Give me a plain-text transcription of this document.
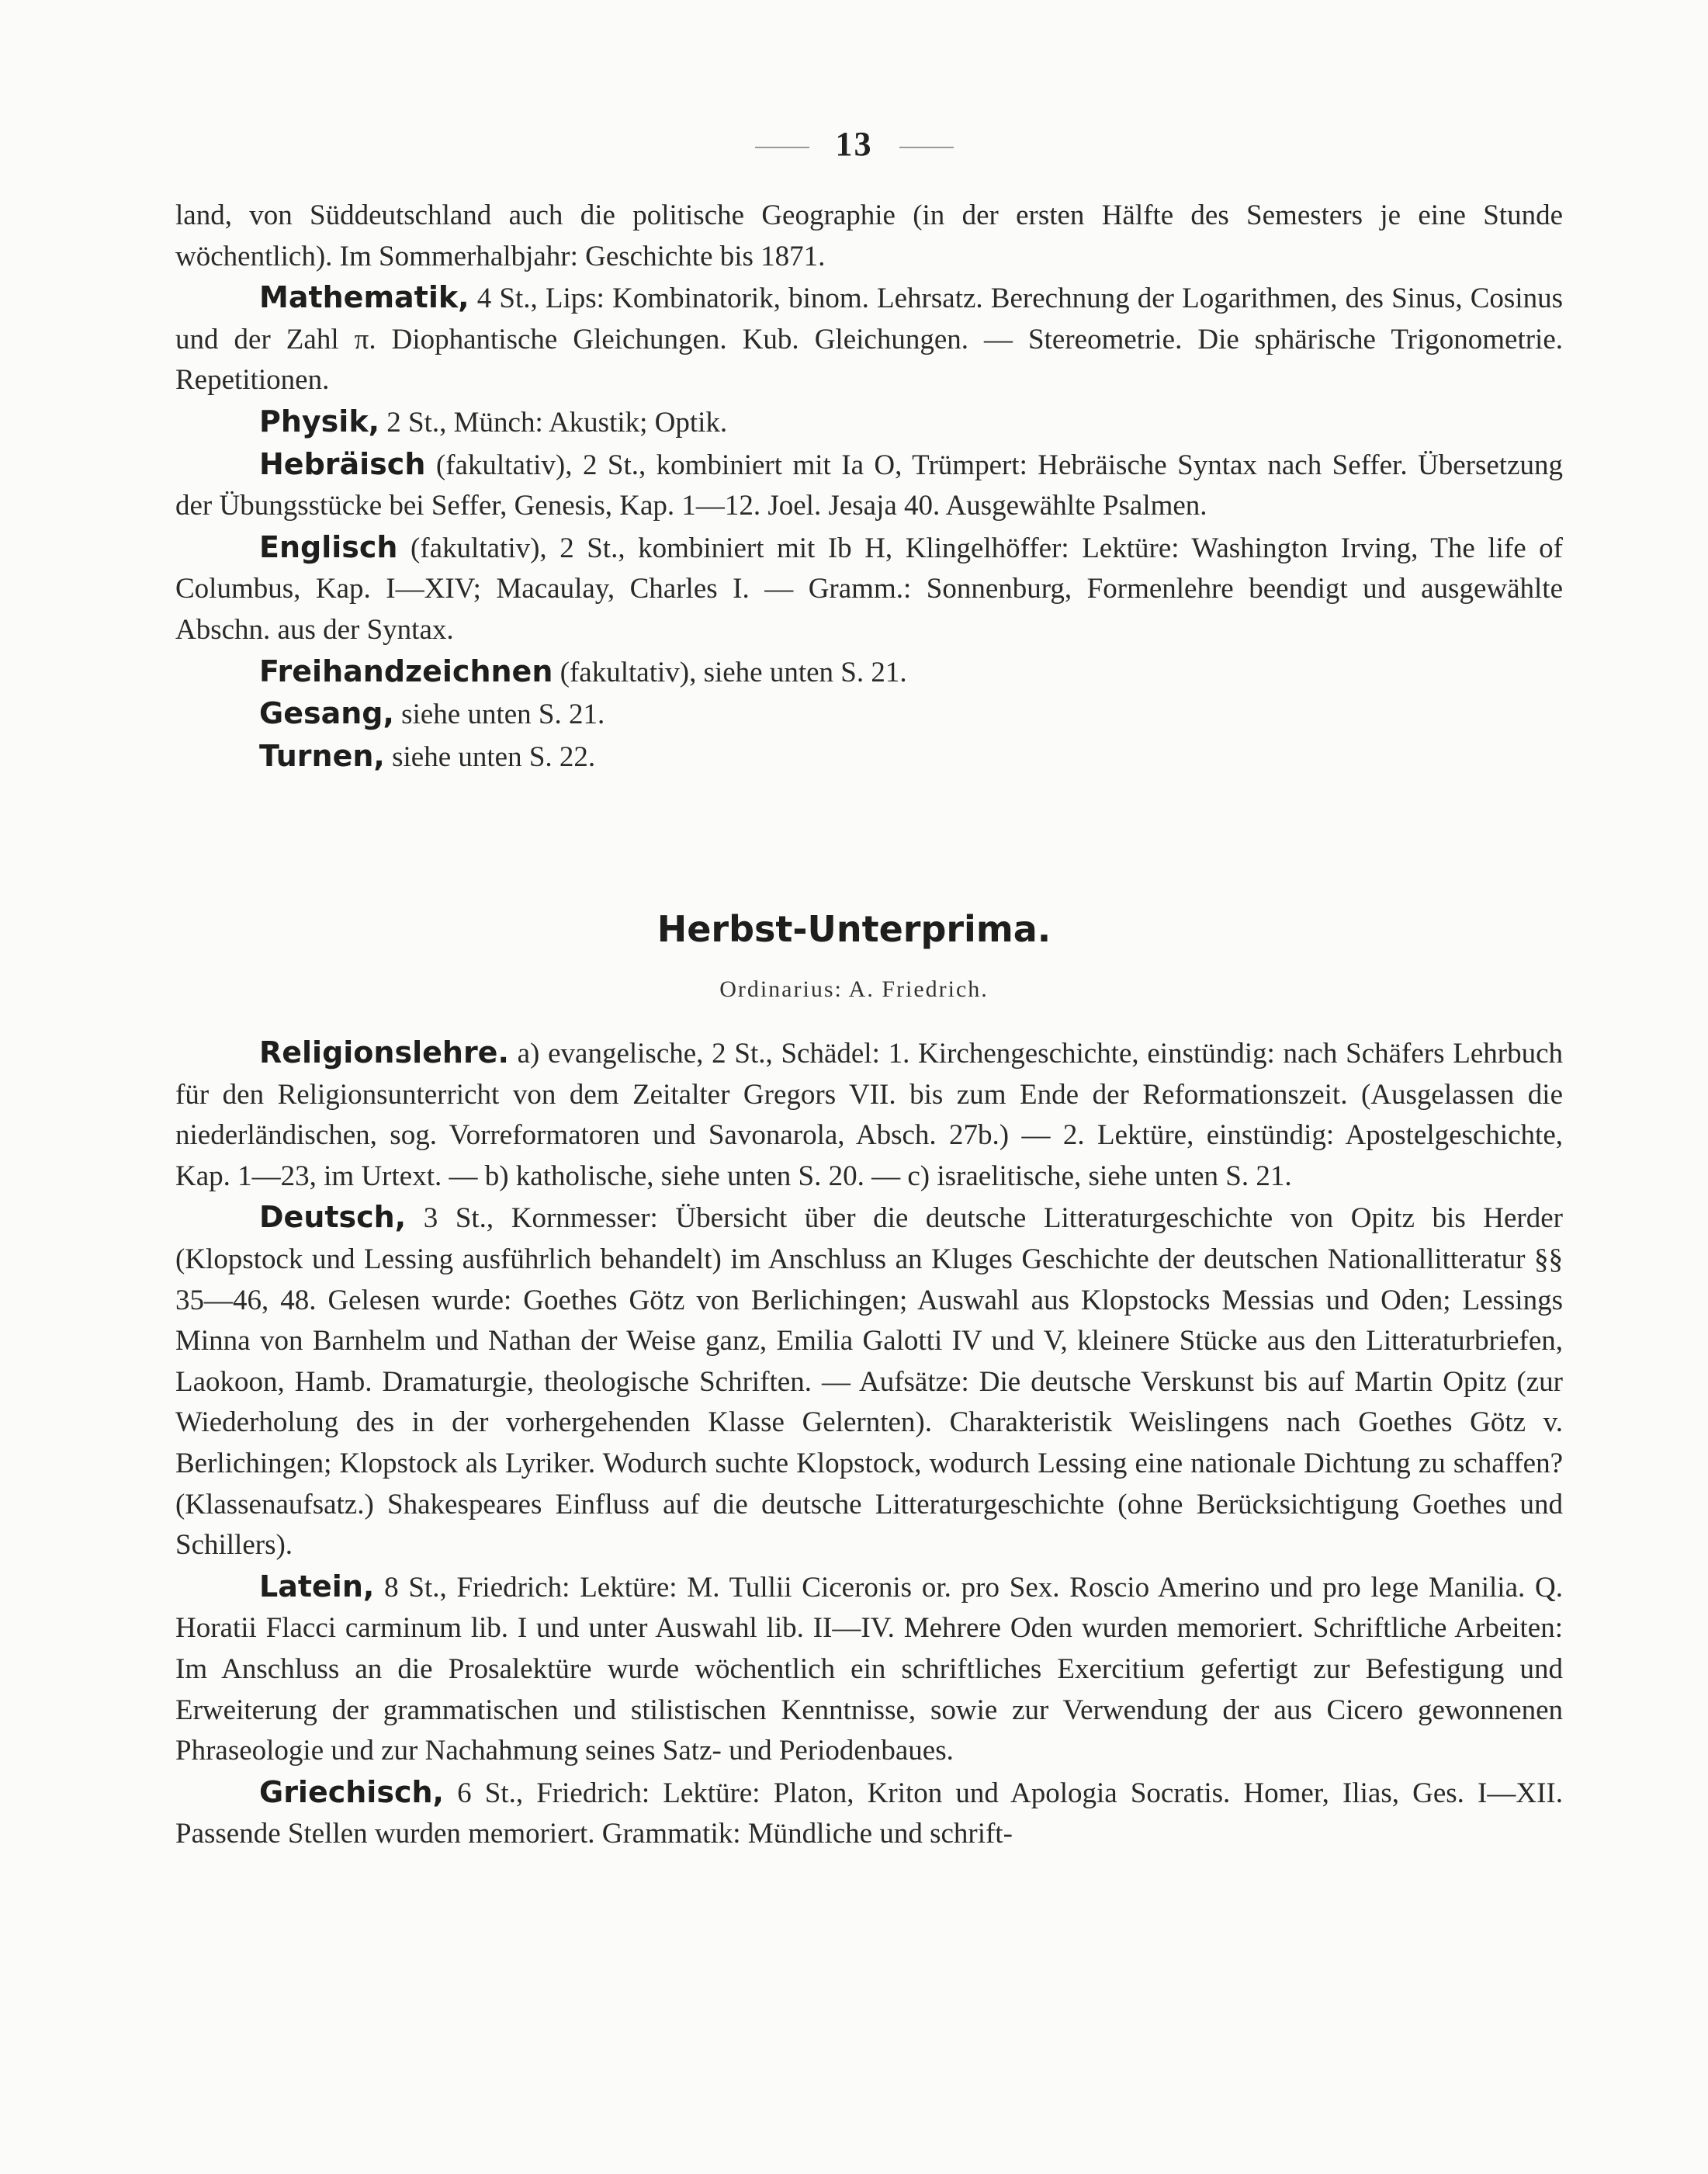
13

land, von Süddeutschland auch die politische Geographie (in der ersten Hälfte des Semesters je eine Stunde wöchentlich). Im Sommerhalbjahr: Geschichte bis 1871.

Mathematik, 4 St., Lips: Kombinatorik, binom. Lehrsatz. Berechnung der Logarithmen, des Sinus, Cosinus und der Zahl π. Diophantische Gleichungen. Kub. Gleichungen. — Stereometrie. Die sphärische Trigonometrie. Repetitionen.

Physik, 2 St., Münch: Akustik; Optik.

Hebräisch (fakultativ), 2 St., kombiniert mit Ia O, Trümpert: Hebräische Syntax nach Seffer. Übersetzung der Übungsstücke bei Seffer, Genesis, Kap. 1—12. Joel. Jesaja 40. Ausgewählte Psalmen.

Englisch (fakultativ), 2 St., kombiniert mit Ib H, Klingelhöffer: Lektüre: Washington Irving, The life of Columbus, Kap. I—XIV; Macaulay, Charles I. — Gramm.: Sonnenburg, Formenlehre beendigt und ausgewählte Abschn. aus der Syntax.

Freihandzeichnen (fakultativ), siehe unten S. 21.

Gesang, siehe unten S. 21.

Turnen, siehe unten S. 22.

Herbst-Unterprima.
Ordinarius: A. Friedrich.

Religionslehre. a) evangelische, 2 St., Schädel: 1. Kirchengeschichte, einstündig: nach Schäfers Lehrbuch für den Religionsunterricht von dem Zeitalter Gregors VII. bis zum Ende der Reformationszeit. (Ausgelassen die niederländischen, sog. Vorreformatoren und Savonarola, Absch. 27b.) — 2. Lektüre, einstündig: Apostelgeschichte, Kap. 1—23, im Urtext. — b) katholische, siehe unten S. 20. — c) israelitische, siehe unten S. 21.

Deutsch, 3 St., Kornmesser: Übersicht über die deutsche Litteraturgeschichte von Opitz bis Herder (Klopstock und Lessing ausführlich behandelt) im Anschluss an Kluges Geschichte der deutschen Nationallitteratur §§ 35—46, 48. Gelesen wurde: Goethes Götz von Berlichingen; Auswahl aus Klopstocks Messias und Oden; Lessings Minna von Barnhelm und Nathan der Weise ganz, Emilia Galotti IV und V, kleinere Stücke aus den Litteraturbriefen, Laokoon, Hamb. Dramaturgie, theologische Schriften. — Aufsätze: Die deutsche Verskunst bis auf Martin Opitz (zur Wiederholung des in der vorhergehenden Klasse Gelernten). Charakteristik Weislingens nach Goethes Götz v. Berlichingen; Klopstock als Lyriker. Wodurch suchte Klopstock, wodurch Lessing eine nationale Dichtung zu schaffen? (Klassenaufsatz.) Shakespeares Einfluss auf die deutsche Litteraturgeschichte (ohne Berücksichtigung Goethes und Schillers).

Latein, 8 St., Friedrich: Lektüre: M. Tullii Ciceronis or. pro Sex. Roscio Amerino und pro lege Manilia. Q. Horatii Flacci carminum lib. I und unter Auswahl lib. II—IV. Mehrere Oden wurden memoriert. Schriftliche Arbeiten: Im Anschluss an die Prosalektüre wurde wöchentlich ein schriftliches Exercitium gefertigt zur Befestigung und Erweiterung der grammatischen und stilistischen Kenntnisse, sowie zur Verwendung der aus Cicero gewonnenen Phraseologie und zur Nachahmung seines Satz- und Periodenbaues.

Griechisch, 6 St., Friedrich: Lektüre: Platon, Kriton und Apologia Socratis. Homer, Ilias, Ges. I—XII. Passende Stellen wurden memoriert. Grammatik: Mündliche und schrift-
